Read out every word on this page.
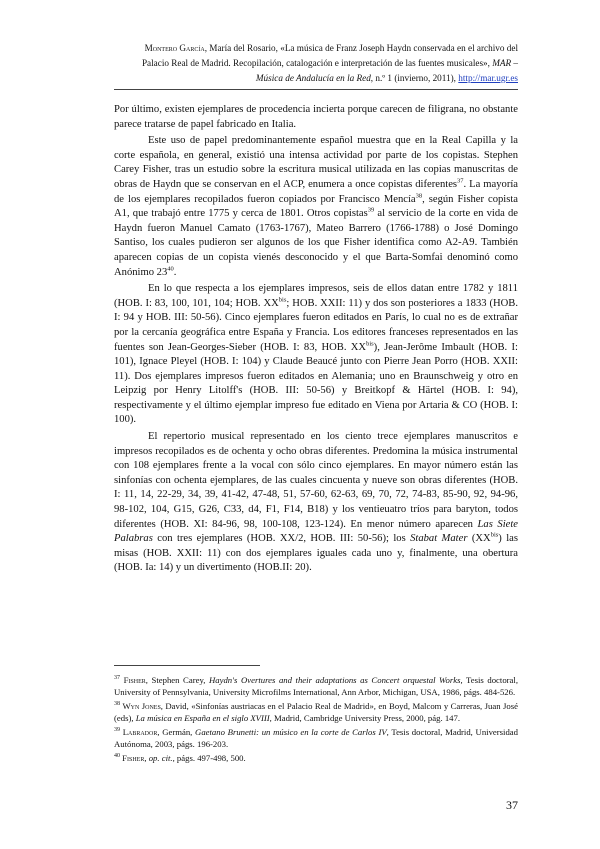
Montero García, María del Rosario, «La música de Franz Joseph Haydn conservada en el archivo del Palacio Real de Madrid. Recopilación, catalogación e interpretación de las fuentes musicales», MAR – Música de Andalucía en la Red, n.º 1 (invierno, 2011), http://mar.ugr.es

Por último, existen ejemplares de procedencia incierta porque carecen de filigrana, no obstante parece tratarse de papel fabricado en Italia.

Este uso de papel predominantemente español muestra que en la Real Capilla y la corte española, en general, existió una intensa actividad por parte de los copistas. Stephen Carey Fisher, tras un estudio sobre la escritura musical utilizada en las copias manuscritas de obras de Haydn que se conservan en el ACP, enumera a once copistas diferentes$^{37}$. La mayoría de los ejemplares recopilados fueron copiados por Francisco Mencía$^{38}$, según Fisher copista A1, que trabajó entre 1775 y cerca de 1801. Otros copistas$^{39}$ al servicio de la corte en vida de Haydn fueron Manuel Camato (1763-1767), Mateo Barrero (1766-1788) o José Domingo Santiso, los cuales pudieron ser algunos de los que Fisher identifica como A2-A9. También aparecen copias de un copista vienés desconocido y el que Barta-Somfai denominó como Anónimo $23^{40}$.

En lo que respecta a los ejemplares impresos, seis de ellos datan entre 1782 y 1811 (HOB. I: 83, 100, 101, 104; HOB. $XX^{bis}$; HOB. XXII: 11) y dos son posteriores a 1833 (HOB. I: 94 y HOB. III: 50-56). Cinco ejemplares fueron editados en París, lo cual no es de extrañar por la cercanía geográfica entre España y Francia. Los editores franceses representados en las fuentes son Jean-Georges-Sieber (HOB. I: 83, HOB. $XX^{bis}$), Jean-Jerôme Imbault (HOB. I: 101), Ignace Pleyel (HOB. I: 104) y Claude Beaucé junto con Pierre Jean Porro (HOB. XXII: 11). Dos ejemplares impresos fueron editados en Alemania; uno en Braunschweig y otro en Leipzig por Henry Litolff's (HOB. III: 50-56) y Breitkopf & Härtel (HOB. I: 94), respectivamente y el último ejemplar impreso fue editado en Viena por Artaria & CO (HOB. I: 100).

El repertorio musical representado en los ciento trece ejemplares manuscritos e impresos recopilados es de ochenta y ocho obras diferentes. Predomina la música instrumental con 108 ejemplares frente a la vocal con sólo cinco ejemplares. En mayor número están las sinfonías con ochenta ejemplares, de las cuales cincuenta y nueve son obras diferentes (HOB. I: 11, 14, 22-29, 34, 39, 41-42, 47-48, 51, 57-60, 62-63, 69, 70, 72, 74-83, 85-90, 92, 94-96, 98-102, 104, G15, G26, C33, d4, F1, F14, B18) y los ventieuatro tríos para baryton, todos diferentes (HOB. XI: 84-96, 98, 100-108, 123-124). En menor número aparecen Las Siete Palabras con tres ejemplares (HOB. XX/2, HOB. III: 50-56); los Stabat Mater $(XX^{bis})$ las misas (HOB. XXII: 11) con dos ejemplares iguales cada uno y, finalmente, una obertura (HOB. Ia: 14) y un divertimento (HOB.II: 20).

$^{37}$ Fisher, Stephen Carey, Haydn's Overtures and their adaptations as Concert orquestal Works, Tesis doctoral, University of Pennsylvania, University Microfilms International, Ann Arbor, Michigan, USA, 1986, págs. 484-526.

$^{38}$ Wyn Jones, David, «Sinfonías austriacas en el Palacio Real de Madrid», en Boyd, Malcom y Carreras, Juan José (eds), La música en España en el siglo XVIII, Madrid, Cambridge University Press, 2000, pág. 147.

$^{39}$ Labrador, Germán, Gaetano Brunetti: un músico en la corte de Carlos IV, Tesis doctoral, Madrid, Universidad Autónoma, 2003, págs. 196-203.

$^{40}$ Fisher, op. cit., págs. 497-498, 500.

37
